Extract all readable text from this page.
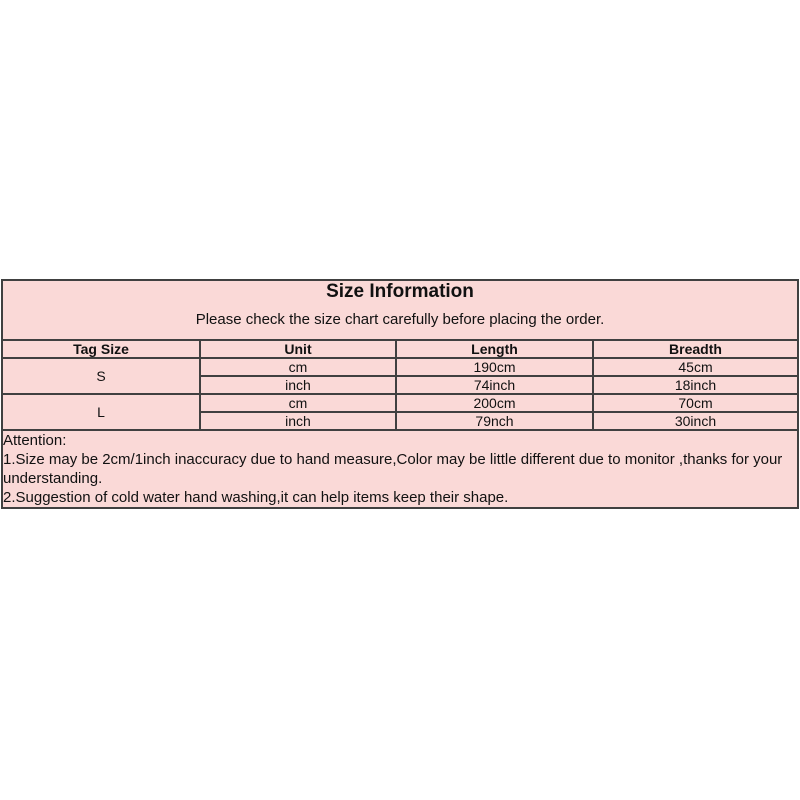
Size Information
Please check the size chart carefully before placing the order.			

Tag Size	Unit	Length	Breadth
S	cm	190cm	45cm
	inch	74inch	18inch
L	cm	200cm	70cm
	inch	79nch	30inch

Attention:
1.Size may be 2cm/1inch inaccuracy due to hand measure,Color may be little different due to monitor ,thanks for your understanding.
2.Suggestion of cold water hand washing,it can help items keep their shape.			
